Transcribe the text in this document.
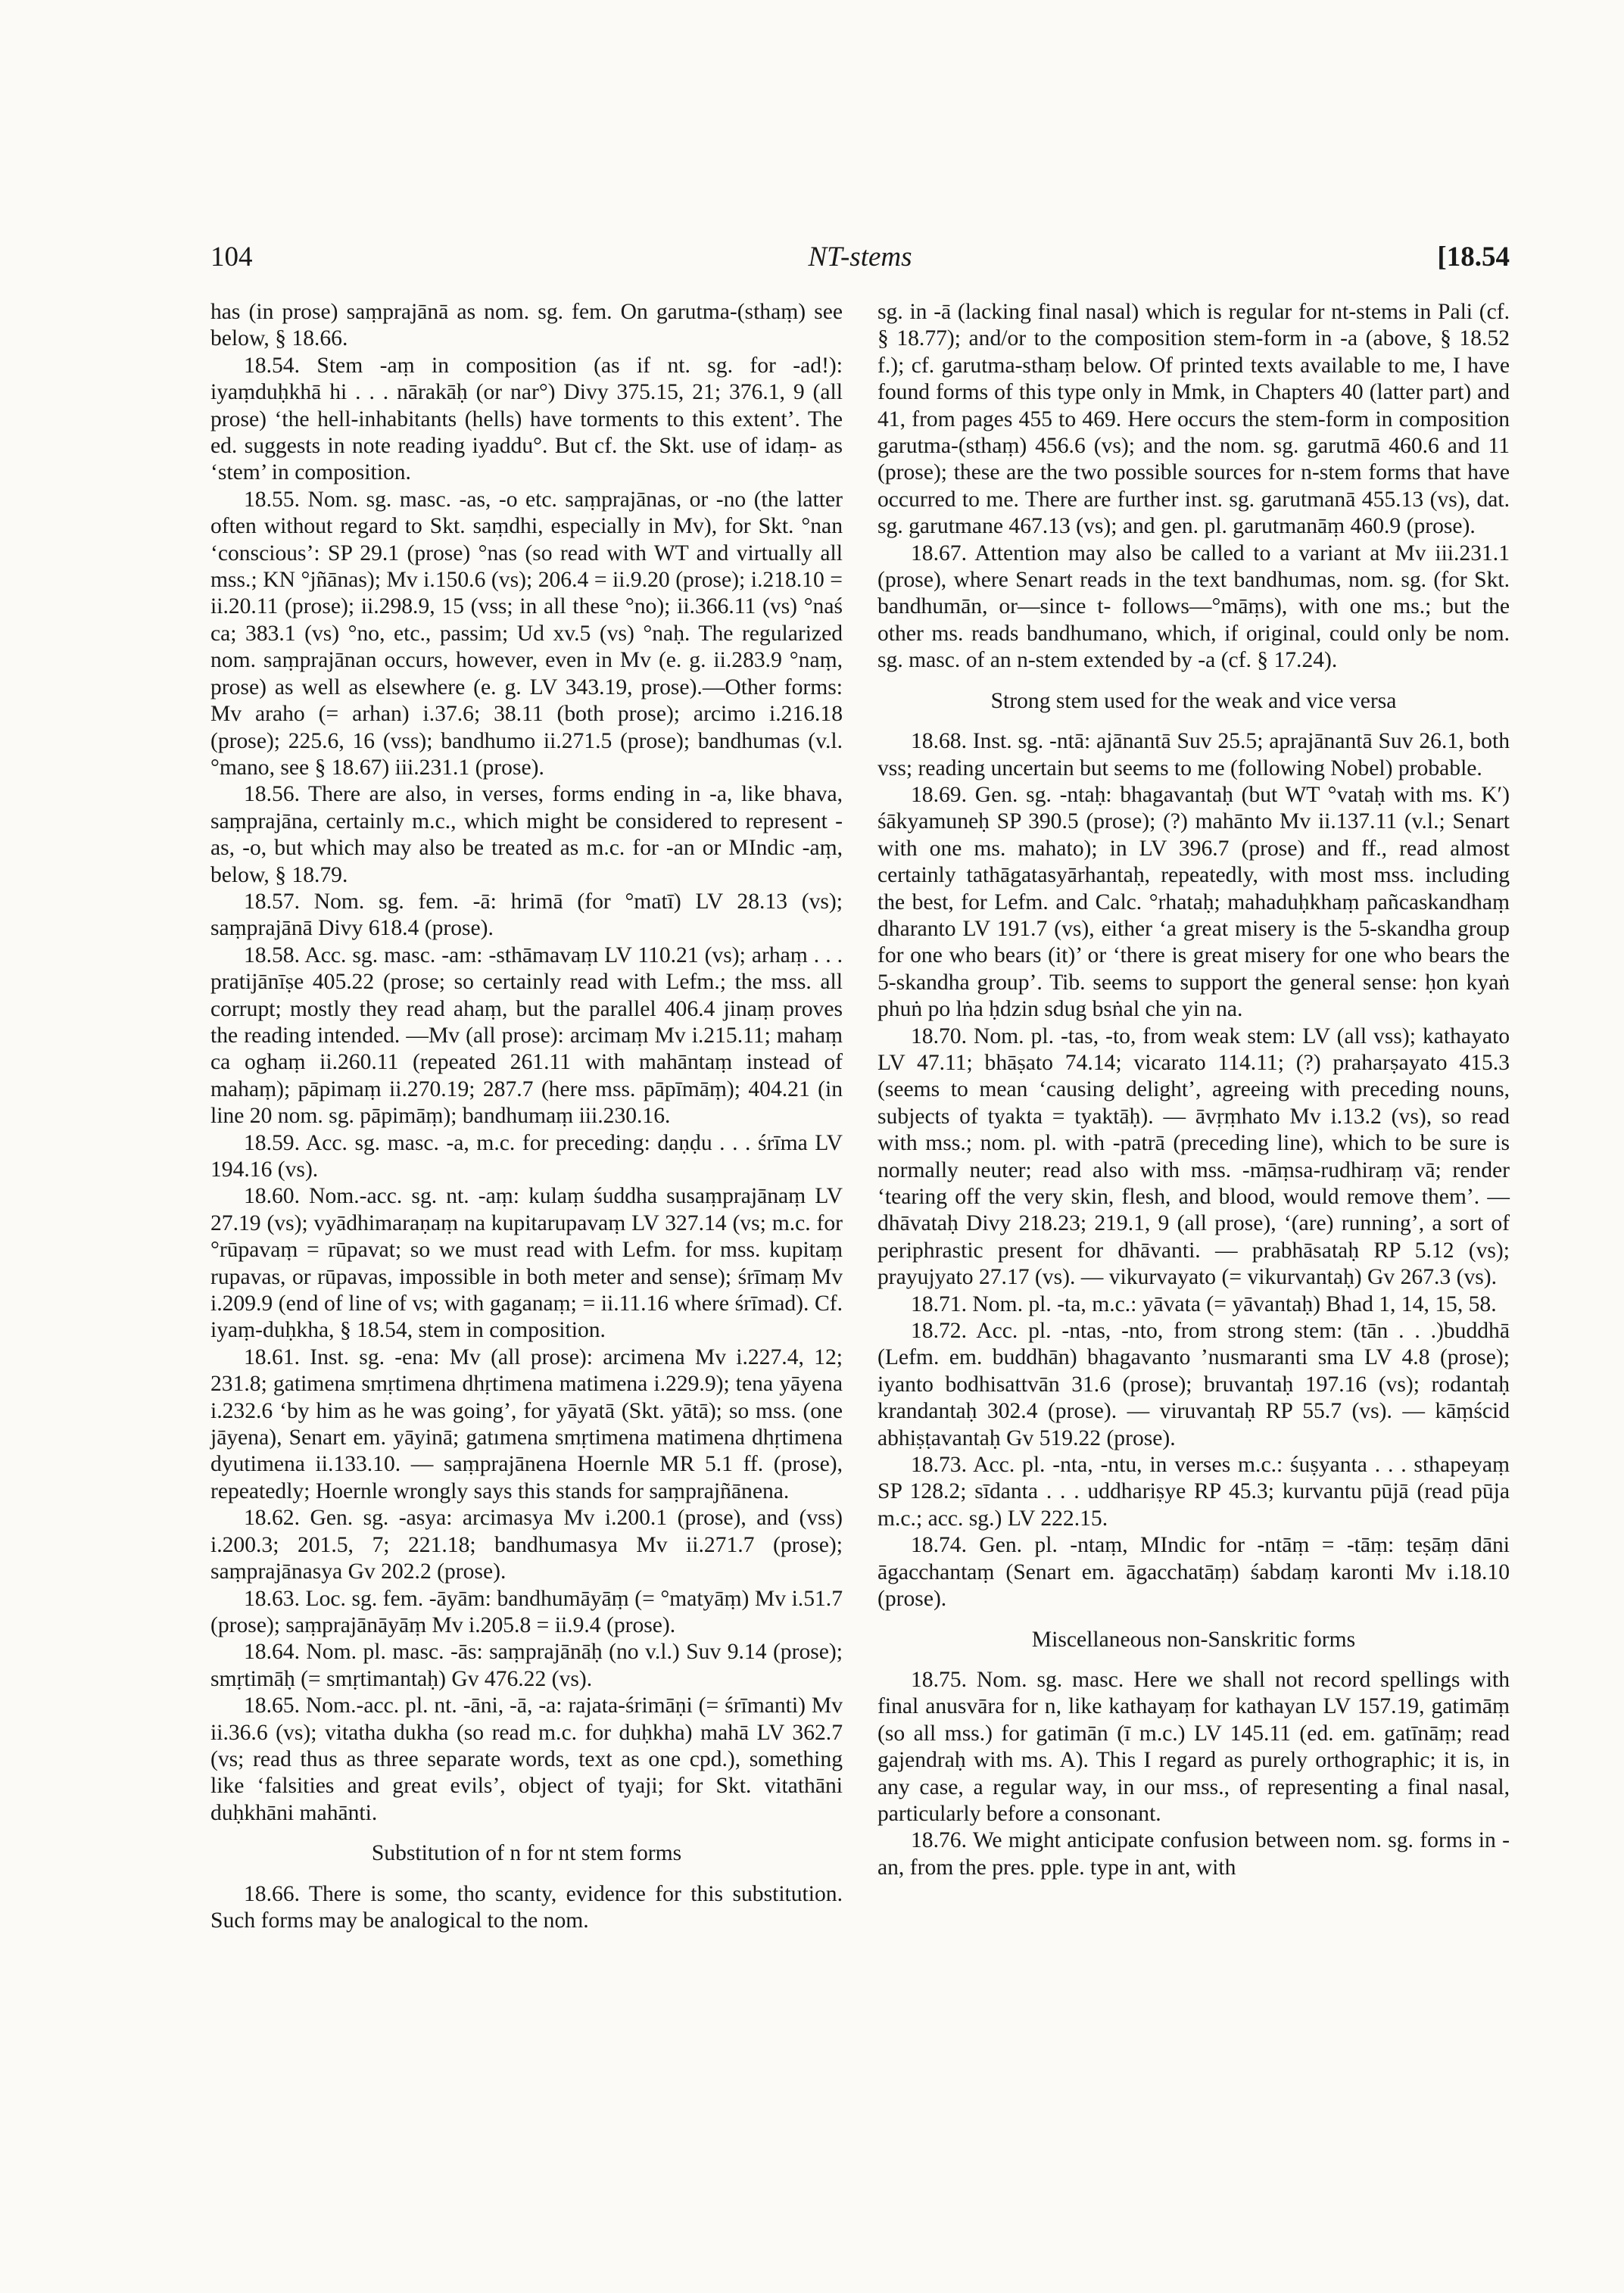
104	NT-stems	[18.54

has (in prose) saṃprajānā as nom. sg. fem. On garutma-(sthaṃ) see below, § 18.66.

18.54. Stem -aṃ in composition (as if nt. sg. for -ad!): iyaṃduḥkhā hi . . . nārakāḥ (or nar°) Divy 375.15, 21; 376.1, 9 (all prose) ‘the hell-inhabitants (hells) have torments to this extent’. The ed. suggests in note reading iyaddu°. But cf. the Skt. use of idaṃ- as ‘stem’ in composition.

18.55. Nom. sg. masc. -as, -o etc. saṃprajānas, or -no (the latter often without regard to Skt. saṃdhi, especially in Mv), for Skt. °nan ‘conscious’: SP 29.1 (prose) °nas (so read with WT and virtually all mss.; KN °jñānas); Mv i.150.6 (vs); 206.4 = ii.9.20 (prose); i.218.10 = ii.20.11 (prose); ii.298.9, 15 (vss; in all these °no); ii.366.11 (vs) °naś ca; 383.1 (vs) °no, etc., passim; Ud xv.5 (vs) °naḥ. The regularized nom. saṃprajānan occurs, however, even in Mv (e. g. ii.283.9 °naṃ, prose) as well as elsewhere (e. g. LV 343.19, prose).—Other forms: Mv araho (= arhan) i.37.6; 38.11 (both prose); arcimo i.216.18 (prose); 225.6, 16 (vss); bandhumo ii.271.5 (prose); bandhumas (v.l. °mano, see § 18.67) iii.231.1 (prose).

18.56. There are also, in verses, forms ending in -a, like bhava, saṃprajāna, certainly m.c., which might be considered to represent -as, -o, but which may also be treated as m.c. for -an or MIndic -aṃ, below, § 18.79.

18.57. Nom. sg. fem. -ā: hrimā (for °matī) LV 28.13 (vs); saṃprajānā Divy 618.4 (prose).

18.58. Acc. sg. masc. -am: -sthāmavaṃ LV 110.21 (vs); arhaṃ . . . pratijānīṣe 405.22 (prose; so certainly read with Lefm.; the mss. all corrupt; mostly they read ahaṃ, but the parallel 406.4 jinaṃ proves the reading intended. —Mv (all prose): arcimaṃ Mv i.215.11; mahaṃ ca oghaṃ ii.260.11 (repeated 261.11 with mahāntaṃ instead of mahaṃ); pāpimaṃ ii.270.19; 287.7 (here mss. pāpīmāṃ); 404.21 (in line 20 nom. sg. pāpimāṃ); bandhumaṃ iii.230.16.

18.59. Acc. sg. masc. -a, m.c. for preceding: daṇḍu . . . śrīma LV 194.16 (vs).

18.60. Nom.-acc. sg. nt. -aṃ: kulaṃ śuddha susaṃprajānaṃ LV 27.19 (vs); vyādhimaraṇaṃ na kupitarupavaṃ LV 327.14 (vs; m.c. for °rūpavaṃ = rūpavat; so we must read with Lefm. for mss. kupitaṃ rupavas, or rūpavas, impossible in both meter and sense); śrīmaṃ Mv i.209.9 (end of line of vs; with gaganaṃ; = ii.11.16 where śrīmad). Cf. iyaṃ-duḥkha, § 18.54, stem in composition.

18.61. Inst. sg. -ena: Mv (all prose): arcimena Mv i.227.4, 12; 231.8; gatimena smṛtimena dhṛtimena matimena i.229.9); tena yāyena i.232.6 ‘by him as he was going’, for yāyatā (Skt. yātā); so mss. (one jāyena), Senart em. yāyinā; gatımena smṛtimena matimena dhṛtimena dyutimena ii.133.10. — saṃprajānena Hoernle MR 5.1 ff. (prose), repeatedly; Hoernle wrongly says this stands for saṃprajñānena.

18.62. Gen. sg. -asya: arcimasya Mv i.200.1 (prose), and (vss) i.200.3; 201.5, 7; 221.18; bandhumasya Mv ii.271.7 (prose); saṃprajānasya Gv 202.2 (prose).

18.63. Loc. sg. fem. -āyām: bandhumāyāṃ (= °matyāṃ) Mv i.51.7 (prose); saṃprajānāyāṃ Mv i.205.8 = ii.9.4 (prose).

18.64. Nom. pl. masc. -ās: saṃprajānāḥ (no v.l.) Suv 9.14 (prose); smṛtimāḥ (= smṛtimantaḥ) Gv 476.22 (vs).

18.65. Nom.-acc. pl. nt. -āni, -ā, -a: rajata-śrimāṇi (= śrīmanti) Mv ii.36.6 (vs); vitatha dukha (so read m.c. for duḥkha) mahā LV 362.7 (vs; read thus as three separate words, text as one cpd.), something like ‘falsities and great evils’, object of tyaji; for Skt. vitathāni duḥkhāni mahānti.

Substitution of n for nt stem forms

18.66. There is some, tho scanty, evidence for this substitution. Such forms may be analogical to the nom.

sg. in -ā (lacking final nasal) which is regular for nt-stems in Pali (cf. § 18.77); and/or to the composition stem-form in -a (above, § 18.52 f.); cf. garutma-sthaṃ below. Of printed texts available to me, I have found forms of this type only in Mmk, in Chapters 40 (latter part) and 41, from pages 455 to 469. Here occurs the stem-form in composition garutma-(sthaṃ) 456.6 (vs); and the nom. sg. garutmā 460.6 and 11 (prose); these are the two possible sources for n-stem forms that have occurred to me. There are further inst. sg. garutmanā 455.13 (vs), dat. sg. garutmane 467.13 (vs); and gen. pl. garutmanāṃ 460.9 (prose).

18.67. Attention may also be called to a variant at Mv iii.231.1 (prose), where Senart reads in the text bandhumas, nom. sg. (for Skt. bandhumān, or—since t- follows—°māṃs), with one ms.; but the other ms. reads bandhumano, which, if original, could only be nom. sg. masc. of an n-stem extended by -a (cf. § 17.24).

Strong stem used for the weak and vice versa

18.68. Inst. sg. -ntā: ajānantā Suv 25.5; aprajānantā Suv 26.1, both vss; reading uncertain but seems to me (following Nobel) probable.

18.69. Gen. sg. -ntaḥ: bhagavantaḥ (but WT °vataḥ with ms. K′) śākyamuneḥ SP 390.5 (prose); (?) mahānto Mv ii.137.11 (v.l.; Senart with one ms. mahato); in LV 396.7 (prose) and ff., read almost certainly tathāgatasyārhantaḥ, repeatedly, with most mss. including the best, for Lefm. and Calc. °rhataḥ; mahaduḥkhaṃ pañcaskandhaṃ dharanto LV 191.7 (vs), either ‘a great misery is the 5-skandha group for one who bears (it)’ or ‘there is great misery for one who bears the 5-skandha group’. Tib. seems to support the general sense: ḥon kyaṅ phuṅ po lṅa ḥdzin sdug bsṅal che yin na.

18.70. Nom. pl. -tas, -to, from weak stem: LV (all vss); kathayato LV 47.11; bhāṣato 74.14; vicarato 114.11; (?) praharṣayato 415.3 (seems to mean ‘causing delight’, agreeing with preceding nouns, subjects of tyakta = tyaktāḥ). — āvṛṃhato Mv i.13.2 (vs), so read with mss.; nom. pl. with -patrā (preceding line), which to be sure is normally neuter; read also with mss. -māṃsa-rudhiraṃ vā; render ‘tearing off the very skin, flesh, and blood, would remove them’. — dhāvataḥ Divy 218.23; 219.1, 9 (all prose), ‘(are) running’, a sort of periphrastic present for dhāvanti. — prabhāsataḥ RP 5.12 (vs); prayujyato 27.17 (vs). — vikurvayato (= vikurvantaḥ) Gv 267.3 (vs).

18.71. Nom. pl. -ta, m.c.: yāvata (= yāvantaḥ) Bhad 1, 14, 15, 58.

18.72. Acc. pl. -ntas, -nto, from strong stem: (tān . . .)buddhā (Lefm. em. buddhān) bhagavanto ’nusmaranti sma LV 4.8 (prose); iyanto bodhisattvān 31.6 (prose); bruvantaḥ 197.16 (vs); rodantaḥ krandantaḥ 302.4 (prose). — viruvantaḥ RP 55.7 (vs). — kāṃścid abhiṣṭavantaḥ Gv 519.22 (prose).

18.73. Acc. pl. -nta, -ntu, in verses m.c.: śuṣyanta . . . sthapeyaṃ SP 128.2; sīdanta . . . uddhariṣye RP 45.3; kurvantu pūjā (read pūja m.c.; acc. sg.) LV 222.15.

18.74. Gen. pl. -ntaṃ, MIndic for -ntāṃ = -tāṃ: teṣāṃ dāni āgacchantaṃ (Senart em. āgacchatāṃ) śabdaṃ karonti Mv i.18.10 (prose).

Miscellaneous non-Sanskritic forms

18.75. Nom. sg. masc. Here we shall not record spellings with final anusvāra for n, like kathayaṃ for kathayan LV 157.19, gatimāṃ (so all mss.) for gatimān (ī m.c.) LV 145.11 (ed. em. gatīnāṃ; read gajendraḥ with ms. A). This I regard as purely orthographic; it is, in any case, a regular way, in our mss., of representing a final nasal, particularly before a consonant.

18.76. We might anticipate confusion between nom. sg. forms in -an, from the pres. pple. type in ant, with
